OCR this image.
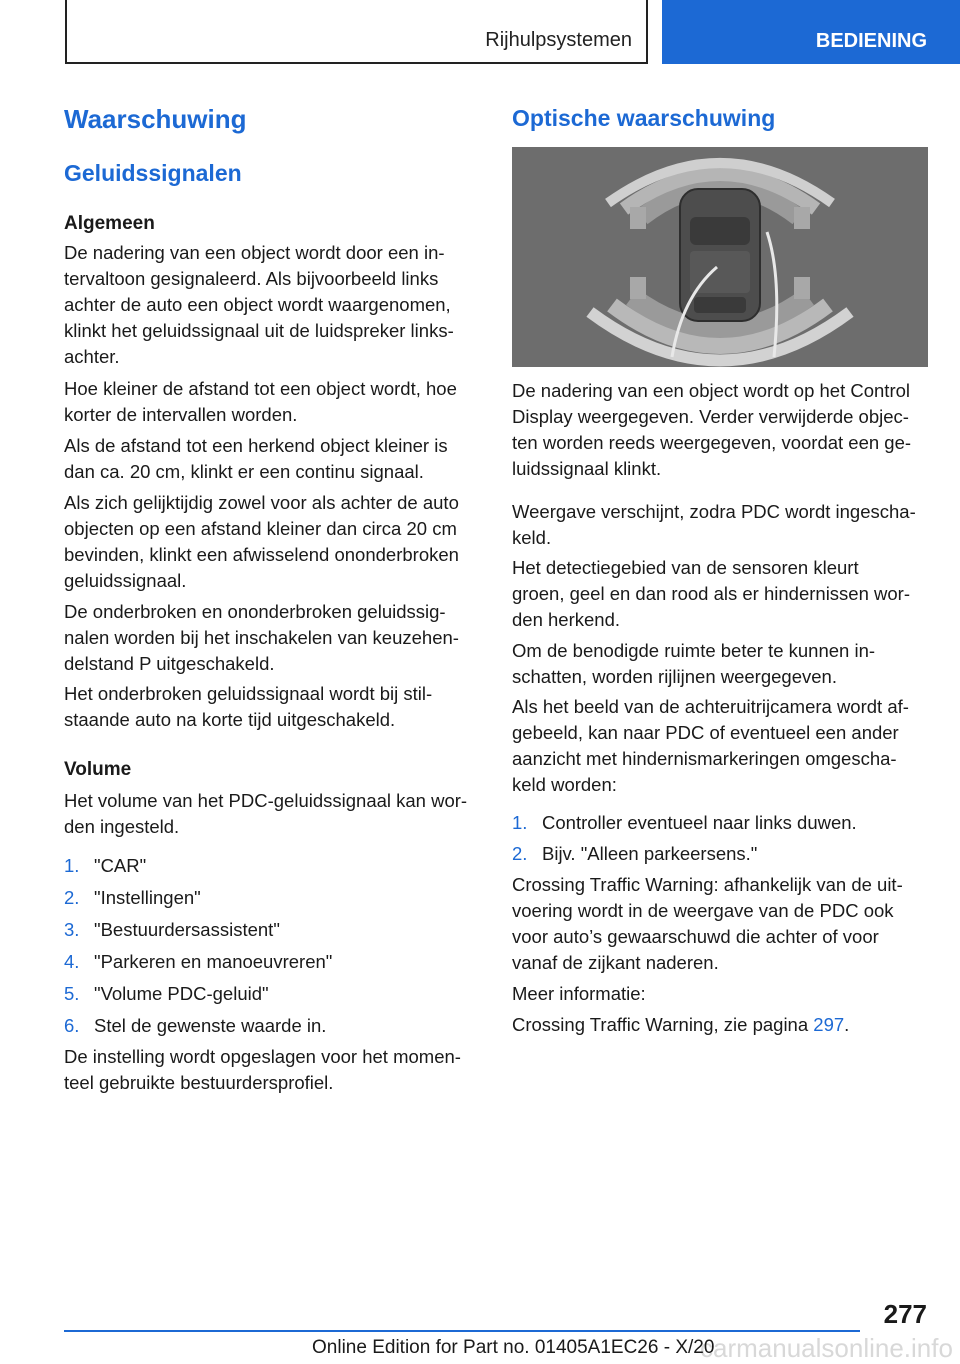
Rijhulpsystemen	BEDIENING
Waarschuwing
Geluidssignalen
Algemeen
De nadering van een object wordt door een in-
tervaltoon gesignaleerd. Als bijvoorbeeld links
achter de auto een object wordt waargenomen,
klinkt het geluidssignaal uit de luidspreker links-
achter.
Hoe kleiner de afstand tot een object wordt, hoe
korter de intervallen worden.
Als de afstand tot een herkend object kleiner is
dan ca. 20 cm, klinkt er een continu signaal.
Als zich gelijktijdig zowel voor als achter de auto
objecten op een afstand kleiner dan circa 20 cm
bevinden, klinkt een afwisselend ononderbroken
geluidssignaal.
De onderbroken en ononderbroken geluidssig-
nalen worden bij het inschakelen van keuzehen-
delstand P uitgeschakeld.
Het onderbroken geluidssignaal wordt bij stil-
staande auto na korte tijd uitgeschakeld.
Volume
Het volume van het PDC-geluidssignaal kan wor-
den ingesteld.
1. "CAR"
2. "Instellingen"
3. "Bestuurdersassistent"
4. "Parkeren en manoeuvreren"
5. "Volume PDC-geluid"
6. Stel de gewenste waarde in.
De instelling wordt opgeslagen voor het momen-
teel gebruikte bestuurdersprofiel.
Optische waarschuwing
De nadering van een object wordt op het Control
Display weergegeven. Verder verwijderde objec-
ten worden reeds weergegeven, voordat een ge-
luidssignaal klinkt.
Weergave verschijnt, zodra PDC wordt ingescha-
keld.
Het detectiegebied van de sensoren kleurt
groen, geel en dan rood als er hindernissen wor-
den herkend.
Om de benodigde ruimte beter te kunnen in-
schatten, worden rijlijnen weergegeven.
Als het beeld van de achteruitrijcamera wordt af-
gebeeld, kan naar PDC of eventueel een ander
aanzicht met hindernismarkeringen omgescha-
keld worden:
1. Controller eventueel naar links duwen.
2. Bijv. "Alleen parkeersens."
Crossing Traffic Warning: afhankelijk van de uit-
voering wordt in de weergave van de PDC ook
voor auto’s gewaarschuwd die achter of voor
vanaf de zijkant naderen.
Meer informatie:
Crossing Traffic Warning, zie pagina 297.
277
carmanualsonline.info
Online Edition for Part no. 01405A1EC26 - X/20
